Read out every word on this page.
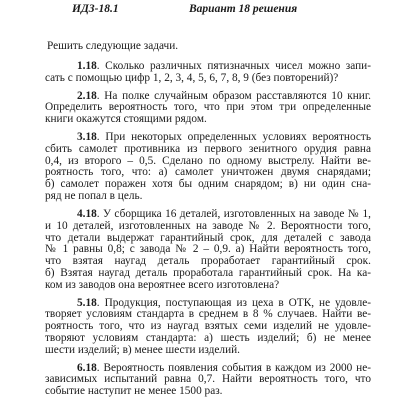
ИДЗ-18.1	Вариант 18 решения
Решить следующие задачи.
1.18. Сколько различных пятизначных чисел можно запи-
сать с помощью цифр 1, 2, 3, 4, 5, 6, 7, 8, 9 (без повторений)?
2.18. На полке случайным образом расставляются 10 книг.
Определить вероятность того, что при этом три определенные
книги окажутся стоящими рядом.
3.18. При некоторых определенных условиях вероятность
сбить самолет противника из первого зенитного орудия равна
0,4, из второго – 0,5. Сделано по одному выстрелу. Найти ве-
роятность того, что: а) самолет уничтожен двумя снарядами;
б) самолет поражен хотя бы одним снарядом; в) ни один сна-
ряд не попал в цель.
4.18. У сборщика 16 деталей, изготовленных на заводе № 1,
и 10 деталей, изготовленных на заводе № 2. Вероятности того,
что детали выдержат гарантийный срок, для деталей с завода
№ 1 равны 0,8; с завода № 2 – 0,9. а) Найти вероятность того,
что взятая наугад деталь проработает гарантийный срок.
б) Взятая наугад деталь проработала гарантийный срок. На ка-
ком из заводов она вероятнее всего изготовлена?
5.18. Продукция, поступающая из цеха в ОТК, не удовле-
творяет условиям стандарта в среднем в 8 % случаев. Найти ве-
роятность того, что из наугад взятых семи изделий не удовле-
творяют условиям стандарта: а) шесть изделий; б) не менее
шести изделий; в) менее шести изделий.
6.18. Вероятность появления события в каждом из 2000 не-
зависимых испытаний равна 0,7. Найти вероятность того, что
событие наступит не менее 1500 раз.
